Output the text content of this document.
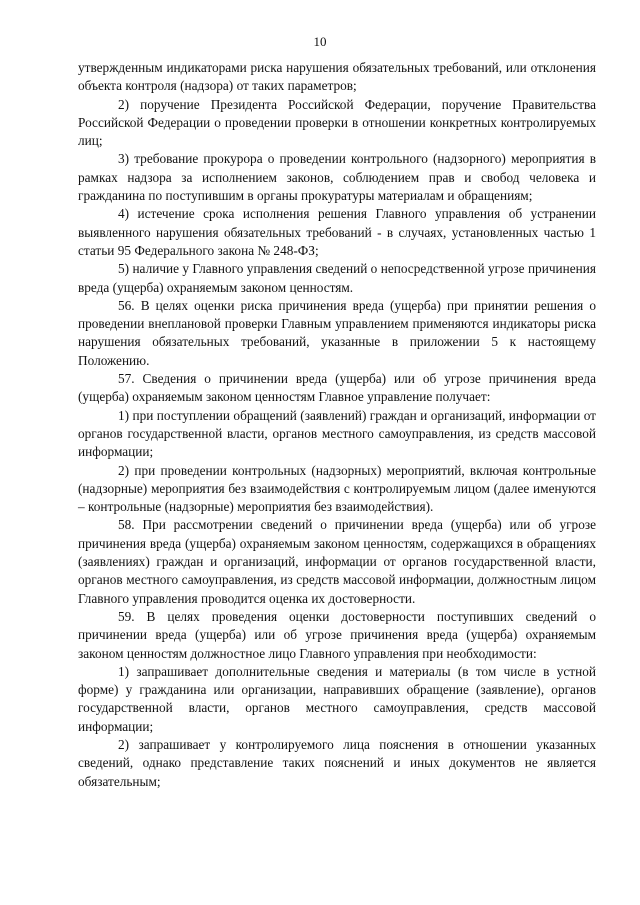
10

утвержденным индикаторами риска нарушения обязательных требований, или отклонения объекта контроля (надзора) от таких параметров;

2) поручение Президента Российской Федерации, поручение Правительства Российской Федерации о проведении проверки в отношении конкретных контролируемых лиц;

3) требование прокурора о проведении контрольного (надзорного) мероприятия в рамках надзора за исполнением законов, соблюдением прав и свобод человека и гражданина по поступившим в органы прокуратуры материалам и обращениям;

4) истечение срока исполнения решения Главного управления об устранении выявленного нарушения обязательных требований - в случаях, установленных частью 1 статьи 95 Федерального закона № 248-ФЗ;

5) наличие у Главного управления сведений о непосредственной угрозе причинения вреда (ущерба) охраняемым законом ценностям.

56. В целях оценки риска причинения вреда (ущерба) при принятии решения о проведении внеплановой проверки Главным управлением применяются индикаторы риска нарушения обязательных требований, указанные в приложении 5 к настоящему Положению.

57. Сведения о причинении вреда (ущерба) или об угрозе причинения вреда (ущерба) охраняемым законом ценностям Главное управление получает:

1) при поступлении обращений (заявлений) граждан и организаций, информации от органов государственной власти, органов местного самоуправления, из средств массовой информации;

2) при проведении контрольных (надзорных) мероприятий, включая контрольные (надзорные) мероприятия без взаимодействия с контролируемым лицом (далее именуются – контрольные (надзорные) мероприятия без взаимодействия).

58. При рассмотрении сведений о причинении вреда (ущерба) или об угрозе причинения вреда (ущерба) охраняемым законом ценностям, содержащихся в обращениях (заявлениях) граждан и организаций, информации от органов государственной власти, органов местного самоуправления, из средств массовой информации, должностным лицом Главного управления проводится оценка их достоверности.

59. В целях проведения оценки достоверности поступивших сведений о причинении вреда (ущерба) или об угрозе причинения вреда (ущерба) охраняемым законом ценностям должностное лицо Главного управления при необходимости:

1) запрашивает дополнительные сведения и материалы (в том числе в устной форме) у гражданина или организации, направивших обращение (заявление), органов государственной власти, органов местного самоуправления, средств массовой информации;

2) запрашивает у контролируемого лица пояснения в отношении указанных сведений, однако представление таких пояснений и иных документов не является обязательным;
